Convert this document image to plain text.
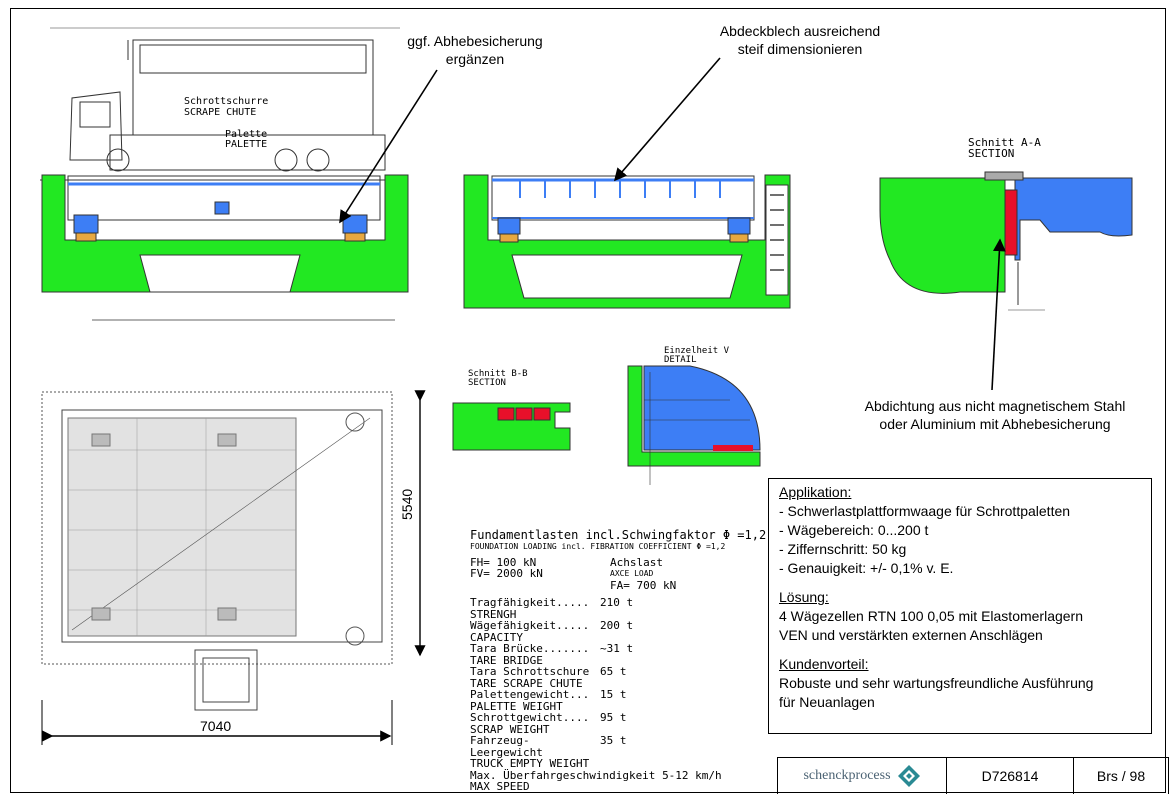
Schrottschurre
SCRAPE CHUTE
Palette
PALETTE	Schnitt A-A
SECTION
Schnitt B-B
SECTION
Einzelheit V
DETAIL
7040
5540
ggf. Abhebesicherung
ergänzen
Abdeckblech ausreichend
steif dimensionieren
Abdichtung aus nicht magnetischem Stahl
oder Aluminium mit Abhebesicherung
Fundamentlasten incl.Schwingfaktor Φ =1,2
FOUNDATION LOADING incl. FIBRATION COEFFICIENT Φ =1,2
FH= 100 kN
FV= 2000 kN
Achslast
AXCE LOAD
FA= 700 kN
Tragfähigkeit..... 210 t
STRENGH
Wägefähigkeit..... 200 t
CAPACITY
Tara Brücke....... ~31 t
TARE BRIDGE
Tara Schrottschure 65 t
TARE SCRAPE CHUTE
Palettengewicht... 15 t
PALETTE WEIGHT
Schrottgewicht.... 95 t
SCRAP WEIGHT
Fahrzeug-Leergewicht
35 t
TRUCK EMPTY WEIGHT
Max. Überfahrgeschwindigkeit
5-12 km/h
MAX SPEED
Applikation:
- Schwerlastplattformwaage für Schrottpaletten
- Wägebereich: 0...200 t
- Ziffernschritt: 50 kg
- Genauigkeit: +/- 0,1% v. E.
Lösung:
4 Wägezellen RTN 100 0,05 mit Elastomerlagern
VEN und verstärkten externen Anschlägen
Kundenvorteil:
Robuste und sehr wartungsfreundliche Ausführung
für Neuanlagen
schenckprocess	D726814	Brs / 98
